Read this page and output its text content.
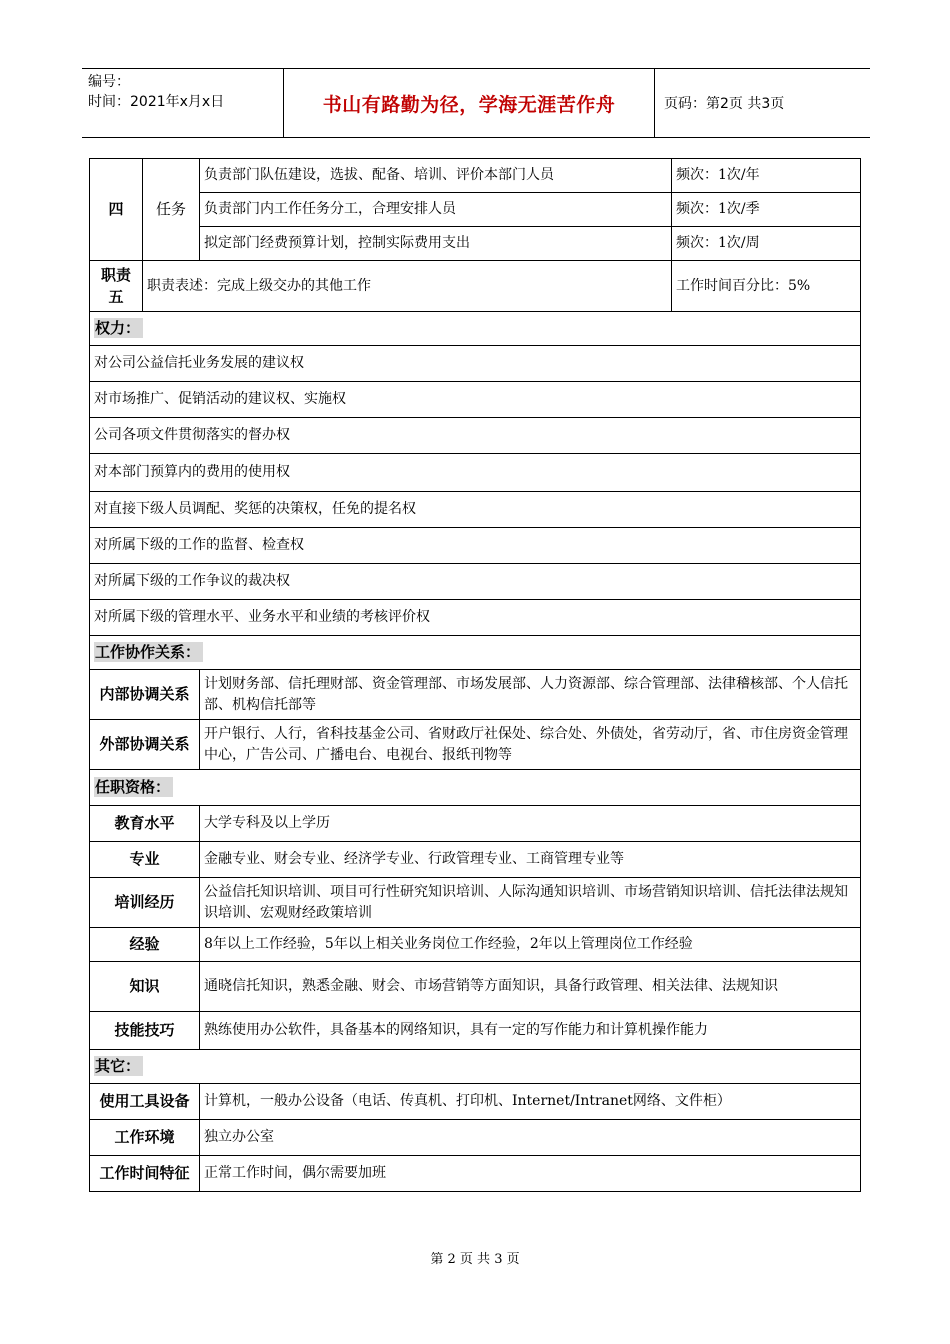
编号：
时间：2021年x月x日	书山有路勤为径，学海无涯苦作舟	页码：第2页 共3页
四	任务	负责部门队伍建设，选拔、配备、培训、评价本部门人员	频次：1次/年
		负责部门内工作任务分工，合理安排人员	频次：1次/季
		拟定部门经费预算计划，控制实际费用支出	频次：1次/周
职责五	职责表述：完成上级交办的其他工作		工作时间百分比：5%
权力：			
对公司公益信托业务发展的建议权			
对市场推广、促销活动的建议权、实施权			
公司各项文件贯彻落实的督办权			
对本部门预算内的费用的使用权			
对直接下级人员调配、奖惩的决策权，任免的提名权			
对所属下级的工作的监督、检查权			
对所属下级的工作争议的裁决权			
对所属下级的管理水平、业务水平和业绩的考核评价权			
工作协作关系：			
内部协调关系		计划财务部、信托理财部、资金管理部、市场发展部、人力资源部、综合管理部、法律稽核部、个人信托部、机构信托部等	
外部协调关系		开户银行、人行，省科技基金公司、省财政厅社保处、综合处、外债处，省劳动厅，省、市住房资金管理中心，广告公司、广播电台、电视台、报纸刊物等	
任职资格：			
教育水平		大学专科及以上学历	
专业		金融专业、财会专业、经济学专业、行政管理专业、工商管理专业等	
培训经历		公益信托知识培训、项目可行性研究知识培训、人际沟通知识培训、市场营销知识培训、信托法律法规知识培训、宏观财经政策培训	
经验		8年以上工作经验，5年以上相关业务岗位工作经验，2年以上管理岗位工作经验	
知识		通晓信托知识，熟悉金融、财会、市场营销等方面知识，具备行政管理、相关法律、法规知识	
技能技巧		熟练使用办公软件，具备基本的网络知识，具有一定的写作能力和计算机操作能力	
其它：			
使用工具设备		计算机，一般办公设备（电话、传真机、打印机、Internet/Intranet网络、文件柜）	
工作环境		独立办公室	
工作时间特征		正常工作时间，偶尔需要加班	
第 2 页 共 3 页
